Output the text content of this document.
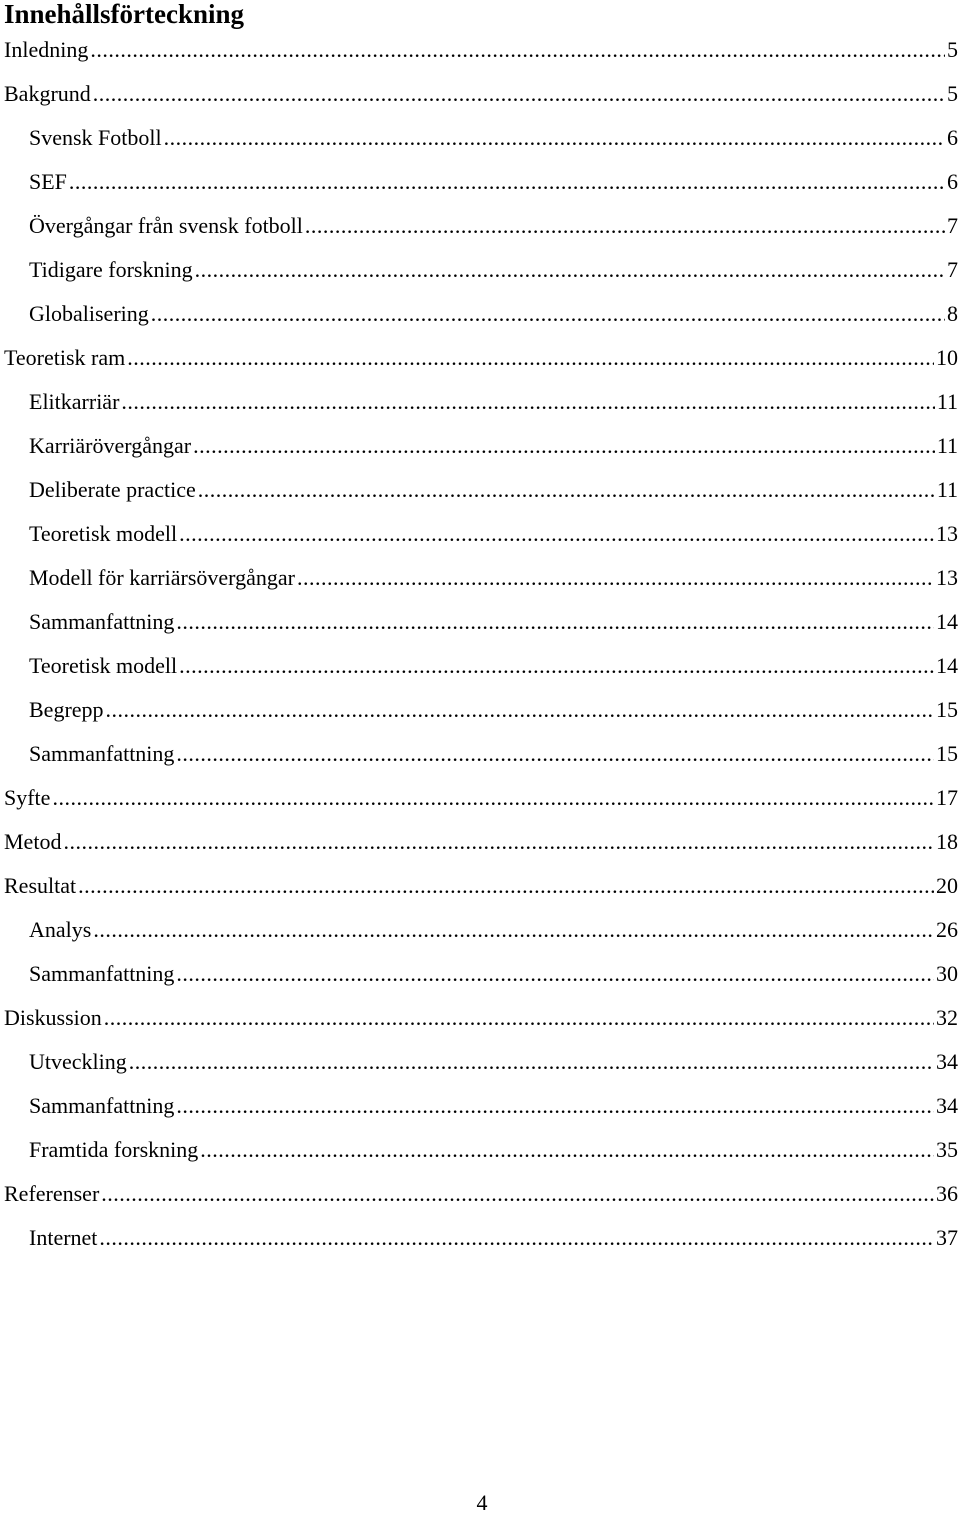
Innehållsförteckning
Inledning .....	5
Bakgrund .....	5
Svensk Fotboll .....	6
SEF .....	6
Övergångar från svensk fotboll .....	7
Tidigare forskning .....	7
Globalisering .....	8
Teoretisk ram .....	10
Elitkarriär .....	11
Karriärövergångar .....	11
Deliberate practice .....	11
Teoretisk modell .....	13
Modell för karriärsövergångar .....	13
Sammanfattning .....	14
Teoretisk modell .....	14
Begrepp .....	15
Sammanfattning .....	15
Syfte .....	17
Metod .....	18
Resultat .....	20
Analys .....	26
Sammanfattning .....	30
Diskussion .....	32
Utveckling .....	34
Sammanfattning .....	34
Framtida forskning .....	35
Referenser .....	36
Internet .....	37
4
